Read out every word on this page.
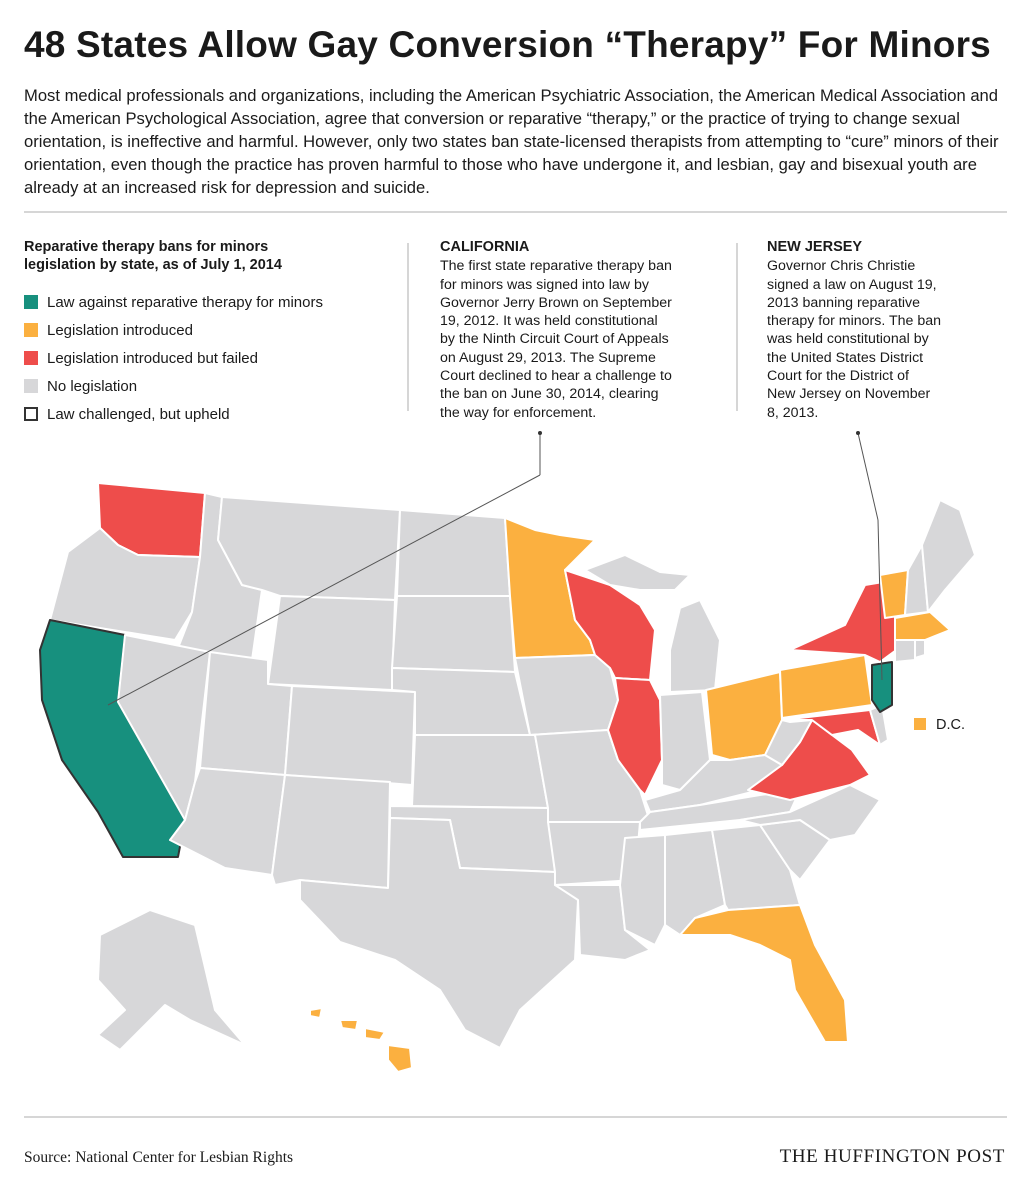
48 States Allow Gay Conversion “Therapy” For Minors
Most medical professionals and organizations, including the American Psychiatric Association, the American Medical Association and the American Psychological Association, agree that conversion or reparative “therapy,” or the practice of trying to change sexual orientation, is ineffective and harmful. However, only two states ban state-licensed therapists from attempting to “cure” minors of their orientation, even though the practice has proven harmful to those who have undergone it, and lesbian, gay and bisexual youth are already at an increased risk for depression and suicide.
Reparative therapy bans for minors
legislation by state, as of July 1, 2014
Law against reparative therapy for minors
Legislation introduced
Legislation introduced but failed
No legislation
Law challenged, but upheld
CALIFORNIA
The first state reparative therapy ban
for minors was signed into law by
Governor Jerry Brown on September
19, 2012. It was held constitutional
by the Ninth Circuit Court of Appeals
on August 29, 2013. The Supreme
Court declined to hear a challenge to
the ban on June 30, 2014, clearing
the way for enforcement.
NEW JERSEY
Governor Chris Christie
signed a law on August 19,
2013 banning reparative
therapy for minors. The ban
was held constitutional by
the United States District
Court for the District of
New Jersey on November
8, 2013.
D.C.
Source: National Center for Lesbian Rights	THE HUFFINGTON POST
